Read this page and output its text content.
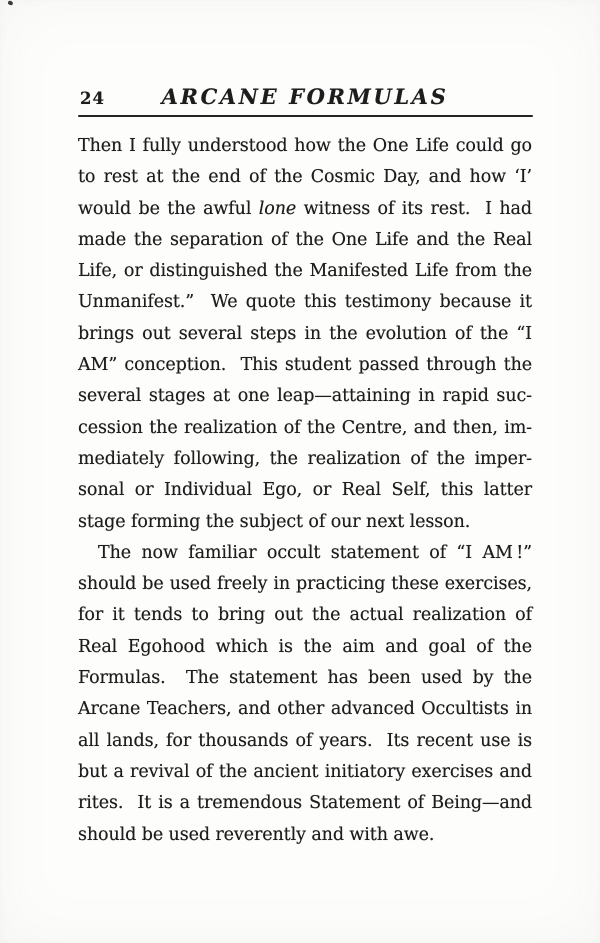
24	ARCANE FORMULAS
Then I fully understood how the One Life could go
to rest at the end of the Cosmic Day, and how ‘I’
would be the awful lone witness of its rest.  I had
made the separation of the One Life and the Real
Life, or distinguished the Manifested Life from the
Unmanifest.”  We quote this testimony because it
brings out several steps in the evolution of the “I
AM” conception.  This student passed through the
several stages at one leap—attaining in rapid suc-
cession the realization of the Centre, and then, im-
mediately following, the realization of the imper-
sonal or Individual Ego, or Real Self, this latter
stage forming the subject of our next lesson.
The now familiar occult statement of “I AM !”
should be used freely in practicing these exercises,
for it tends to bring out the actual realization of
Real Egohood which is the aim and goal of the
Formulas.  The statement has been used by the
Arcane Teachers, and other advanced Occultists in
all lands, for thousands of years.  Its recent use is
but a revival of the ancient initiatory exercises and
rites.  It is a tremendous Statement of Being—and
should be used reverently and with awe.
